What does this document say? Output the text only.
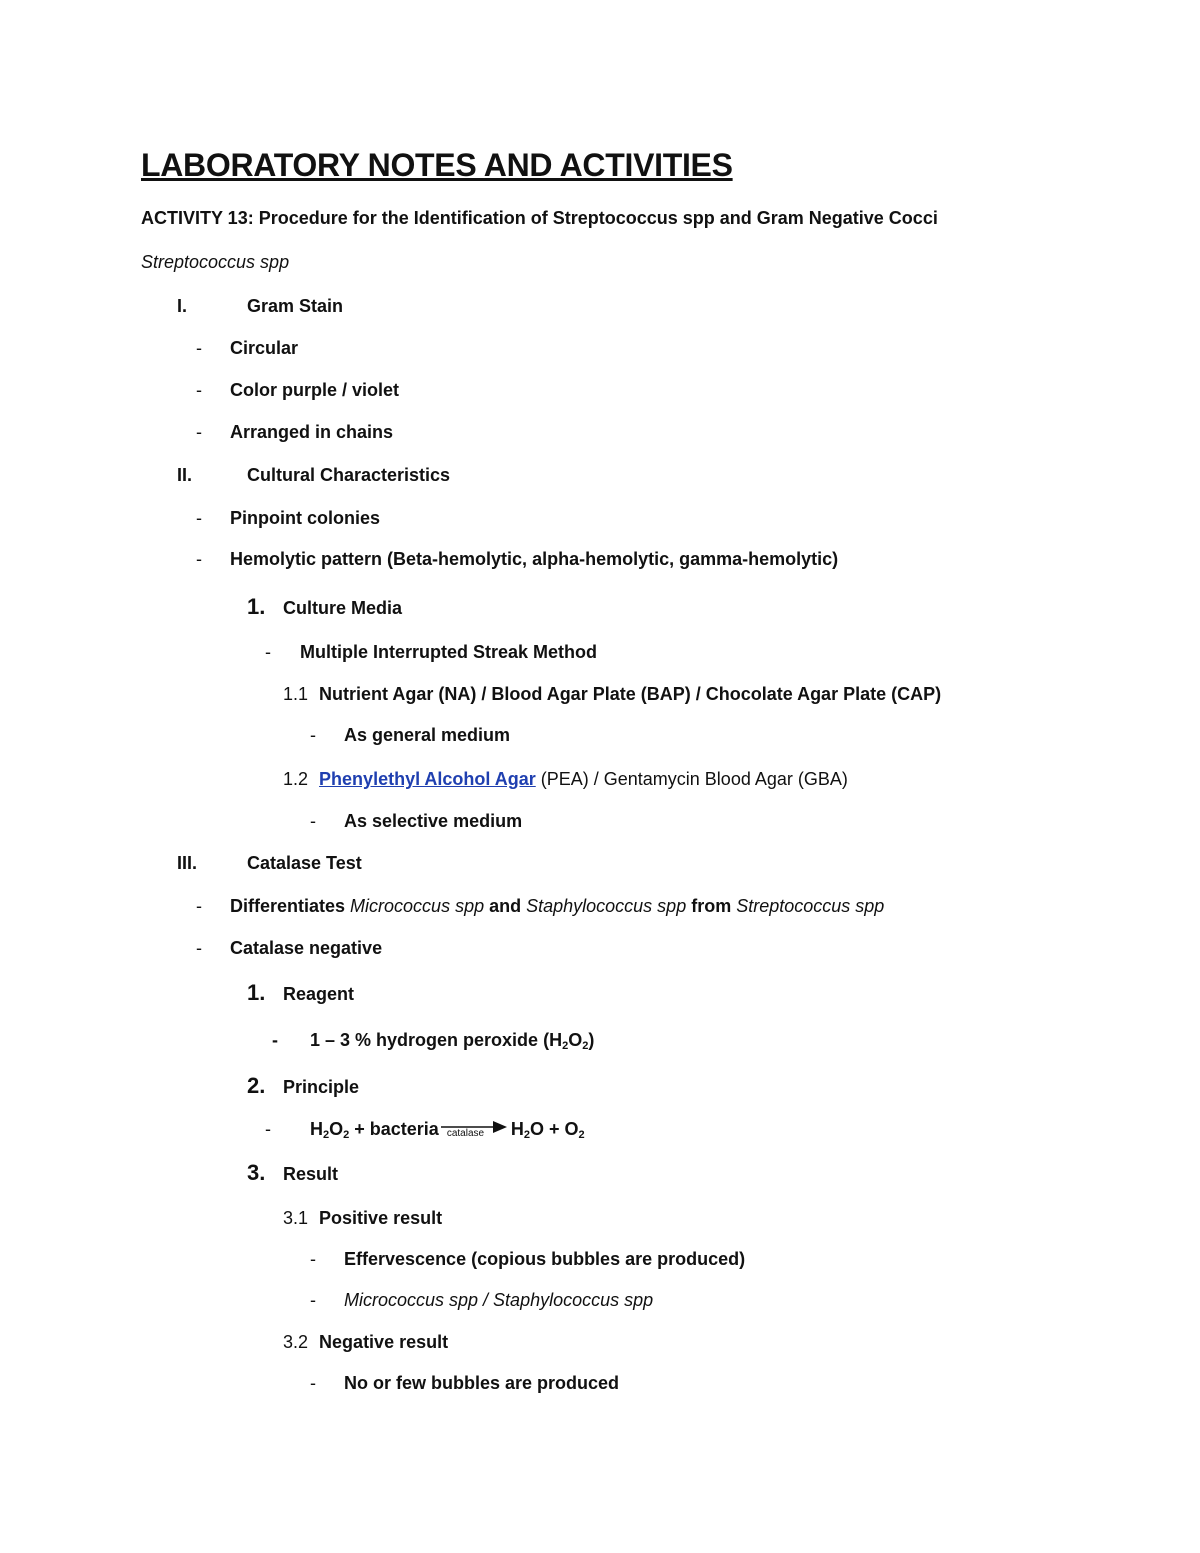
LABORATORY NOTES AND ACTIVITIES
ACTIVITY 13: Procedure for the Identification of Streptococcus spp and Gram Negative Cocci
Streptococcus spp
I.	Gram Stain
- Circular
- Color purple / violet
- Arranged in chains
II.	Cultural Characteristics
- Pinpoint colonies
- Hemolytic pattern (Beta-hemolytic, alpha-hemolytic, gamma-hemolytic)
1. Culture Media
- Multiple Interrupted Streak Method
1.1 Nutrient Agar (NA) / Blood Agar Plate (BAP) / Chocolate Agar Plate (CAP)
- As general medium
1.2 Phenylethyl Alcohol Agar (PEA) / Gentamycin Blood Agar (GBA)
- As selective medium
III.	Catalase Test
- Differentiates Micrococcus spp and Staphylococcus spp from Streptococcus spp
- Catalase negative
1. Reagent
- 1 – 3 % hydrogen peroxide $(H_2O_2)$
2. Principle
- $H_2O_2$ + bacteria catalase $H_2O + O_2$
3. Result
3.1 Positive result
- Effervescence (copious bubbles are produced)
- Micrococcus spp / Staphylococcus spp
3.2 Negative result
- No or few bubbles are produced
